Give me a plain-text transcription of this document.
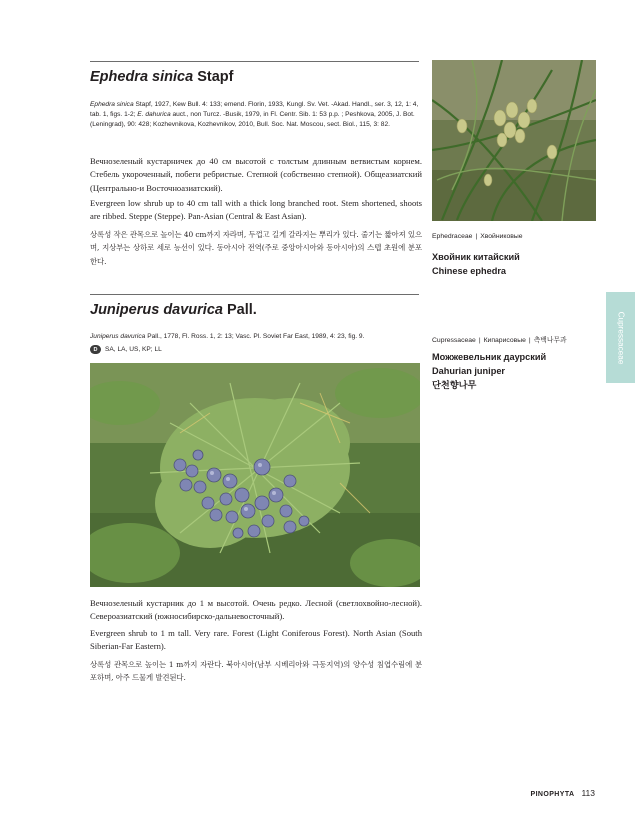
Ephedra sinica Stapf
Ephedra sinica Stapf, 1927, Kew Bull. 4: 133; emend. Florin, 1933, Kungl. Sv. Vet. -Akad. Handl., ser. 3, 12, 1: 4, tab. 1, figs. 1-2; E. dahurica auct., non Turcz. -Busik, 1979, in Fl. Centr. Sib. 1: 53 p.p. ; Peshkova, 2005, J. Bot. (Leningrad), 90: 428; Kozhevnikova, Kozhevnikov, 2010, Bull. Soc. Nat. Moscou, sect. Biol., 115, 3: 82.
Вечнозеленый кустарничек до 40 см высотой с толстым длинным ветвистым корнем. Стебель укороченный, побеги ребристые. Степной (собственно степной). Общеазиатский (Центрально-и Восточноазиатский).
Evergreen low shrub up to 40 cm tall with a thick long branched root. Stem shortened, shoots are ribbed. Steppe (Steppe). Pan-Asian (Central & East Asian).
상록성 작은 관목으로 높이는 40 cm까지 자라며, 두껍고 길게 갈라지는 뿌리가 있다. 줄기는 짧아져 있으며, 지상부는 상하로 세로 능선이 있다. 동아시아 전역(주로 중앙아시아와 동아시아)의 스텝 초원에 분포한다.
Ephedraceae | Хвойниковые
Хвойник китайский
Chinese ephedra
Juniperus davurica Pall.
Juniperus davurica Pall., 1778, Fl. Ross. 1, 2: 13; Vasc. Pl. Soviet Far East, 1989, 4: 23, fig. 9.
D	SA, LA, US, KP; LL
Cupressaceae | Кипарисовые | 측백나무과
Можжевельник даурский
Dahurian juniper
단천향나무
Вечнозеленый кустарник до 1 м высотой. Очень редко. Лесной (светлохвойно-лесной). Североазиатский (южносибирско-дальневосточный).
Evergreen shrub to 1 m tall. Very rare. Forest (Light Coniferous Forest). North Asian (South Siberian-Far Eastern).
상록성 관목으로 높이는 1 m까지 자란다. 북아시아(남부 시베리아와 극동지역)의 양수성 침엽수림에 분포하며, 아주 드물게 발견된다.
Cupressaceae
PINOPHYTA 113
